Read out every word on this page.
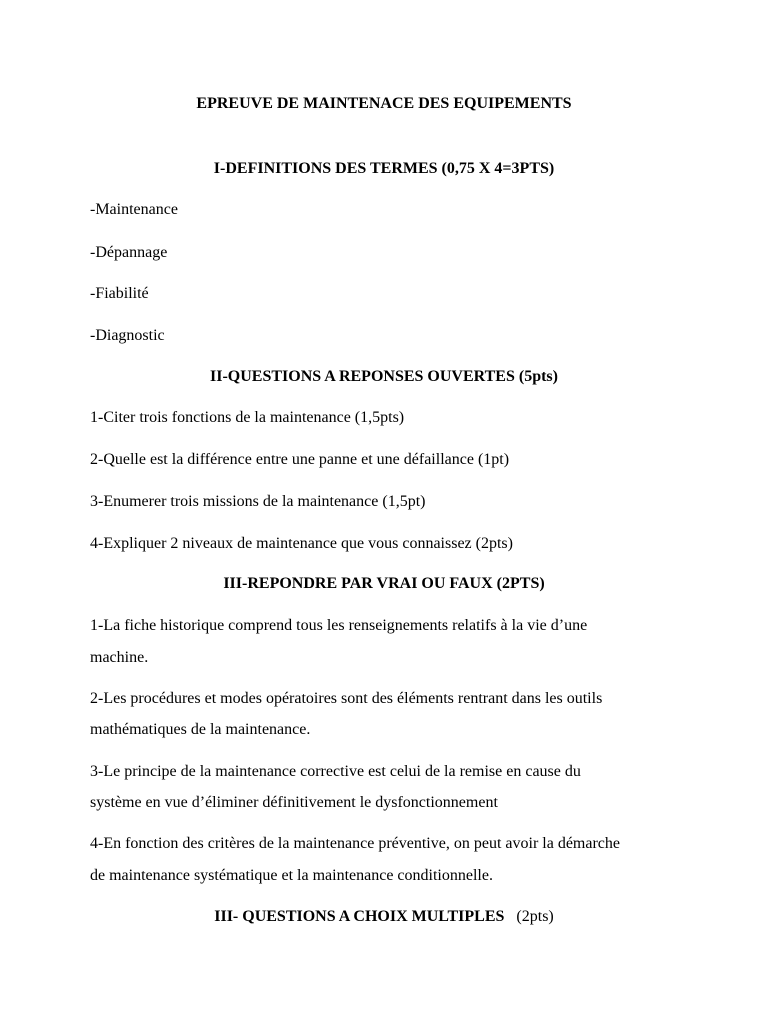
EPREUVE DE MAINTENACE DES EQUIPEMENTS
I-DEFINITIONS DES TERMES (0,75 X 4=3PTS)
-Maintenance
-Dépannage
-Fiabilité
-Diagnostic
II-QUESTIONS A REPONSES OUVERTES (5pts)
1-Citer trois fonctions de la maintenance (1,5pts)
2-Quelle est la différence entre une panne et une défaillance (1pt)
3-Enumerer trois missions de la maintenance (1,5pt)
4-Expliquer 2 niveaux de maintenance que vous connaissez (2pts)
III-REPONDRE PAR VRAI OU FAUX (2PTS)
1-La fiche historique comprend tous les renseignements relatifs à la vie d’une
machine.
2-Les procédures et modes opératoires sont des éléments rentrant dans les outils
mathématiques de la maintenance.
3-Le principe de la maintenance corrective est celui de la remise en cause du
système en vue d’éliminer définitivement le dysfonctionnement
4-En fonction des critères de la maintenance préventive, on peut avoir la démarche
de maintenance systématique et la maintenance conditionnelle.
III- QUESTIONS A CHOIX MULTIPLES (2pts)
